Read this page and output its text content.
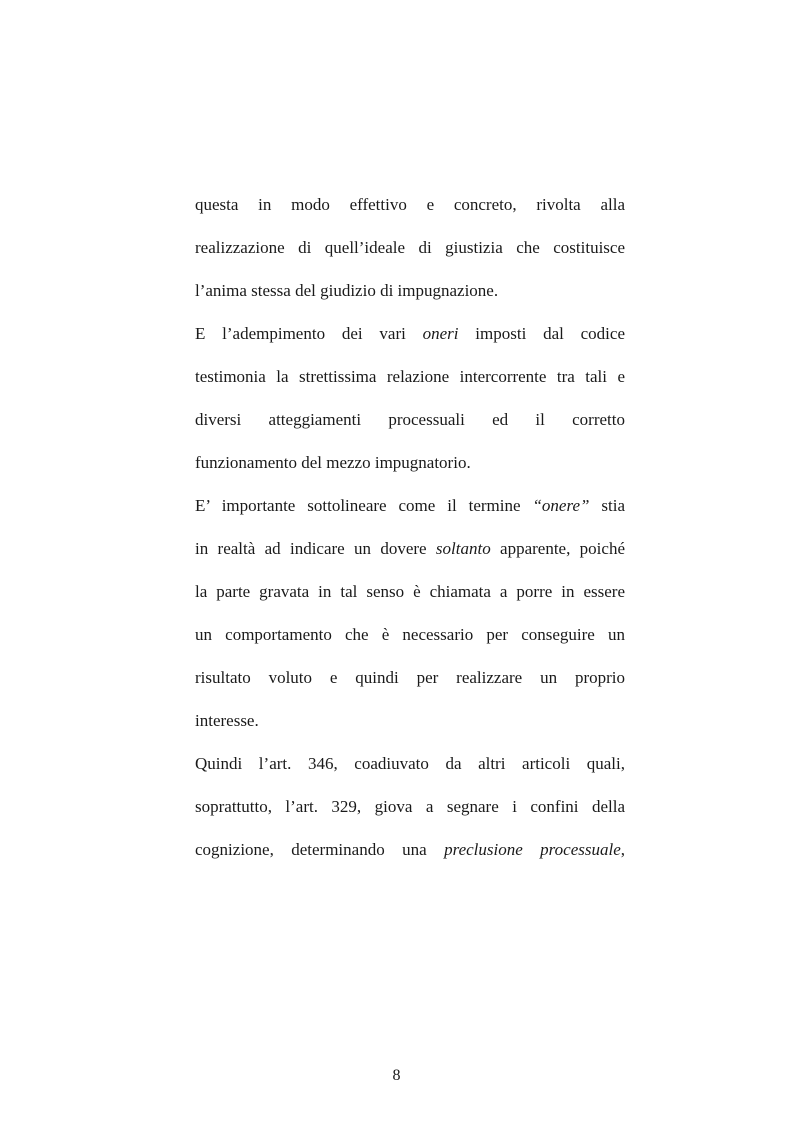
questa in modo effettivo e concreto, rivolta alla
realizzazione di quell’ideale di giustizia che costituisce
l’anima stessa del giudizio di impugnazione.
E l’adempimento dei vari oneri imposti dal codice
testimonia la strettissima relazione intercorrente tra tali e
diversi atteggiamenti processuali ed il corretto
funzionamento del mezzo impugnatorio.
E’ importante sottolineare come il termine “onere” stia
in realtà ad indicare un dovere soltanto apparente, poiché
la parte gravata in tal senso è chiamata a porre in essere
un comportamento che è necessario per conseguire un
risultato voluto e quindi per realizzare un proprio
interesse.
Quindi l’art. 346, coadiuvato da altri articoli quali,
soprattutto, l’art. 329, giova a segnare i confini della
cognizione, determinando una preclusione processuale,
8
